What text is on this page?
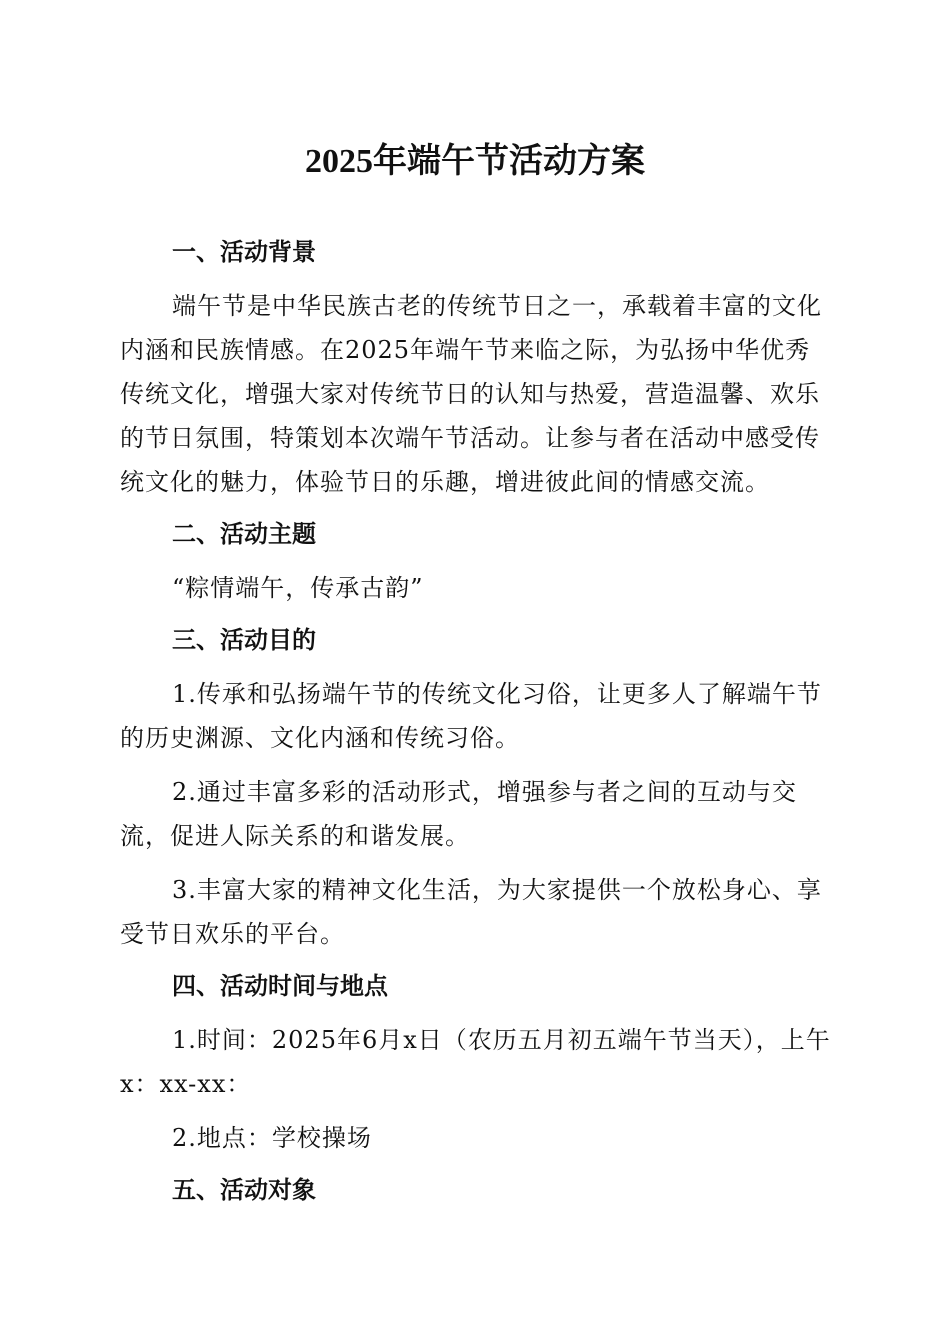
2025年端午节活动方案
一、活动背景

端午节是中华民族古老的传统节日之一，承载着丰富的文化内涵和民族情感。在2025年端午节来临之际，为弘扬中华优秀传统文化，增强大家对传统节日的认知与热爱，营造温馨、欢乐的节日氛围，特策划本次端午节活动。让参与者在活动中感受传统文化的魅力，体验节日的乐趣，增进彼此间的情感交流。

二、活动主题

“粽情端午，传承古韵”

三、活动目的

1.传承和弘扬端午节的传统文化习俗，让更多人了解端午节的历史渊源、文化内涵和传统习俗。

2.通过丰富多彩的活动形式，增强参与者之间的互动与交流，促进人际关系的和谐发展。

3.丰富大家的精神文化生活，为大家提供一个放松身心、享受节日欢乐的平台。

四、活动时间与地点

1.时间：2025年6月x日（农历五月初五端午节当天），上午x：xx-xx：

2.地点：学校操场

五、活动对象
